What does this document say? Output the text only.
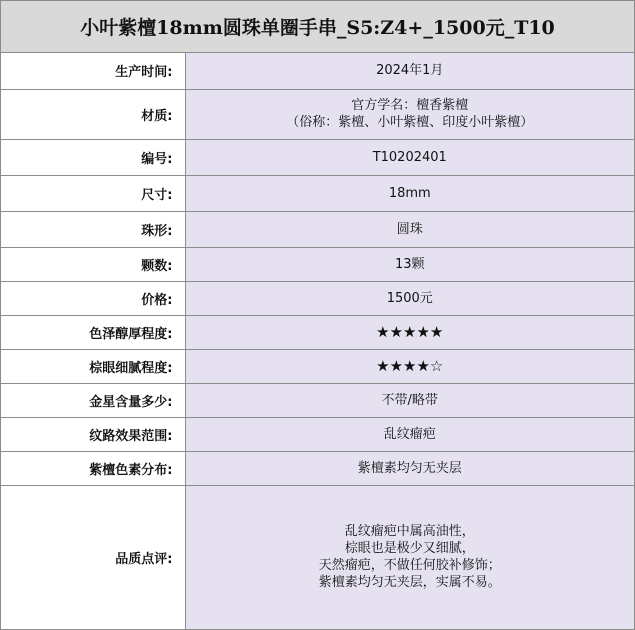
小叶紫檀18mm圆珠单圈手串_S5:Z4+_1500元_T10
生产时间:	2024年1月

材质:	官方学名：檀香紫檀
（俗称：紫檀、小叶紫檀、印度小叶紫檀）

编号:	T10202401

尺寸:	18mm

珠形:	圆珠

颗数:	13颗

价格:	1500元

色泽醇厚程度:	★★★★★

棕眼细腻程度:	★★★★☆

金星含量多少:	不带/略带

纹路效果范围:	乱纹瘤疤

紫檀色素分布:	紫檀素均匀无夹层

品质点评:	乱纹瘤疤中属高油性，
棕眼也是极少又细腻，
天然瘤疤，不做任何胶补修饰；
紫檀素均匀无夹层，实属不易。
